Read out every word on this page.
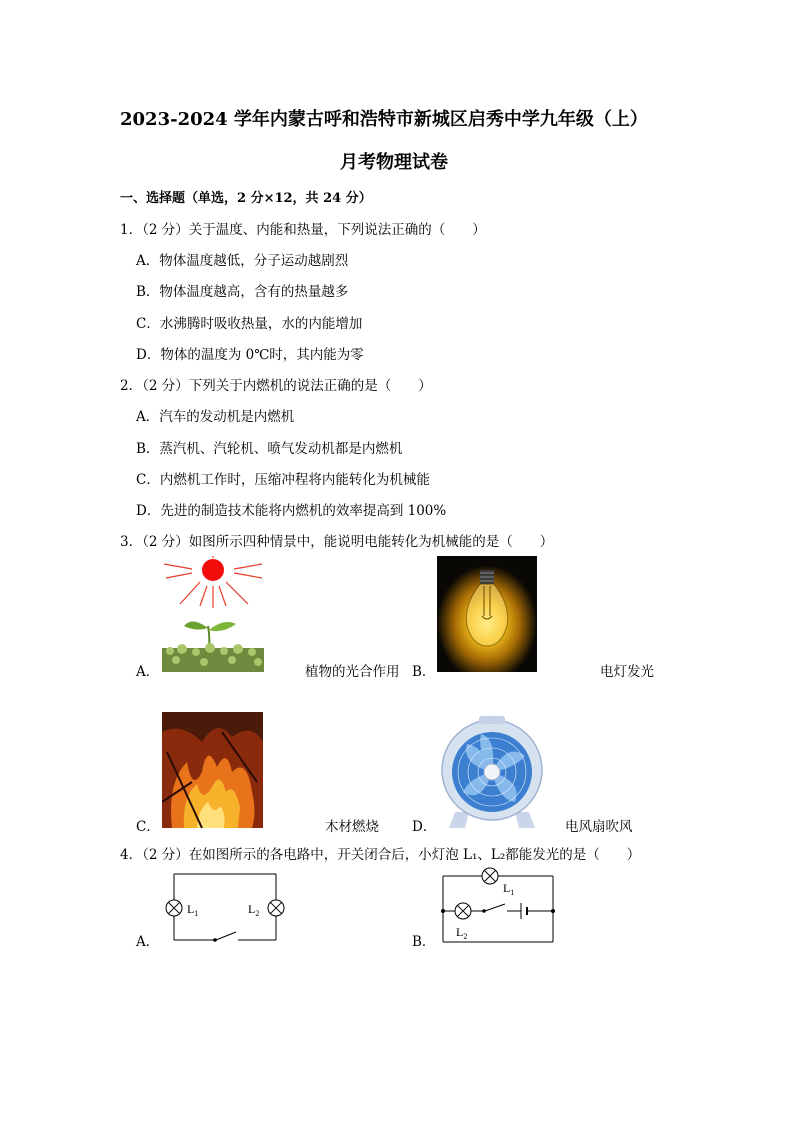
2023-2024 学年内蒙古呼和浩特市新城区启秀中学九年级（上）
月考物理试卷
一、选择题（单选，2 分×12，共 24 分）
1．（2 分）关于温度、内能和热量，下列说法正确的（　　）
A．物体温度越低，分子运动越剧烈
B．物体温度越高，含有的热量越多
C．水沸腾时吸收热量，水的内能增加
D．物体的温度为 0℃时，其内能为零
2．（2 分）下列关于内燃机的说法正确的是（　　）
A．汽车的发动机是内燃机
B．蒸汽机、汽轮机、喷气发动机都是内燃机
C．内燃机工作时，压缩冲程将内能转化为机械能
D．先进的制造技术能将内燃机的效率提高到 100%
3．（2 分）如图所示四种情景中，能说明电能转化为机械能的是（　　）
A．	植物的光合作用 B．	电灯发光
C．	木材燃烧 D．	电风扇吹风
4．（2 分）在如图所示的各电路中，开关闭合后，小灯泡 L₁、L₂都能发光的是（　　）
$L_1$	$L_2$
A．
$L_1$
$L_2$
B．
